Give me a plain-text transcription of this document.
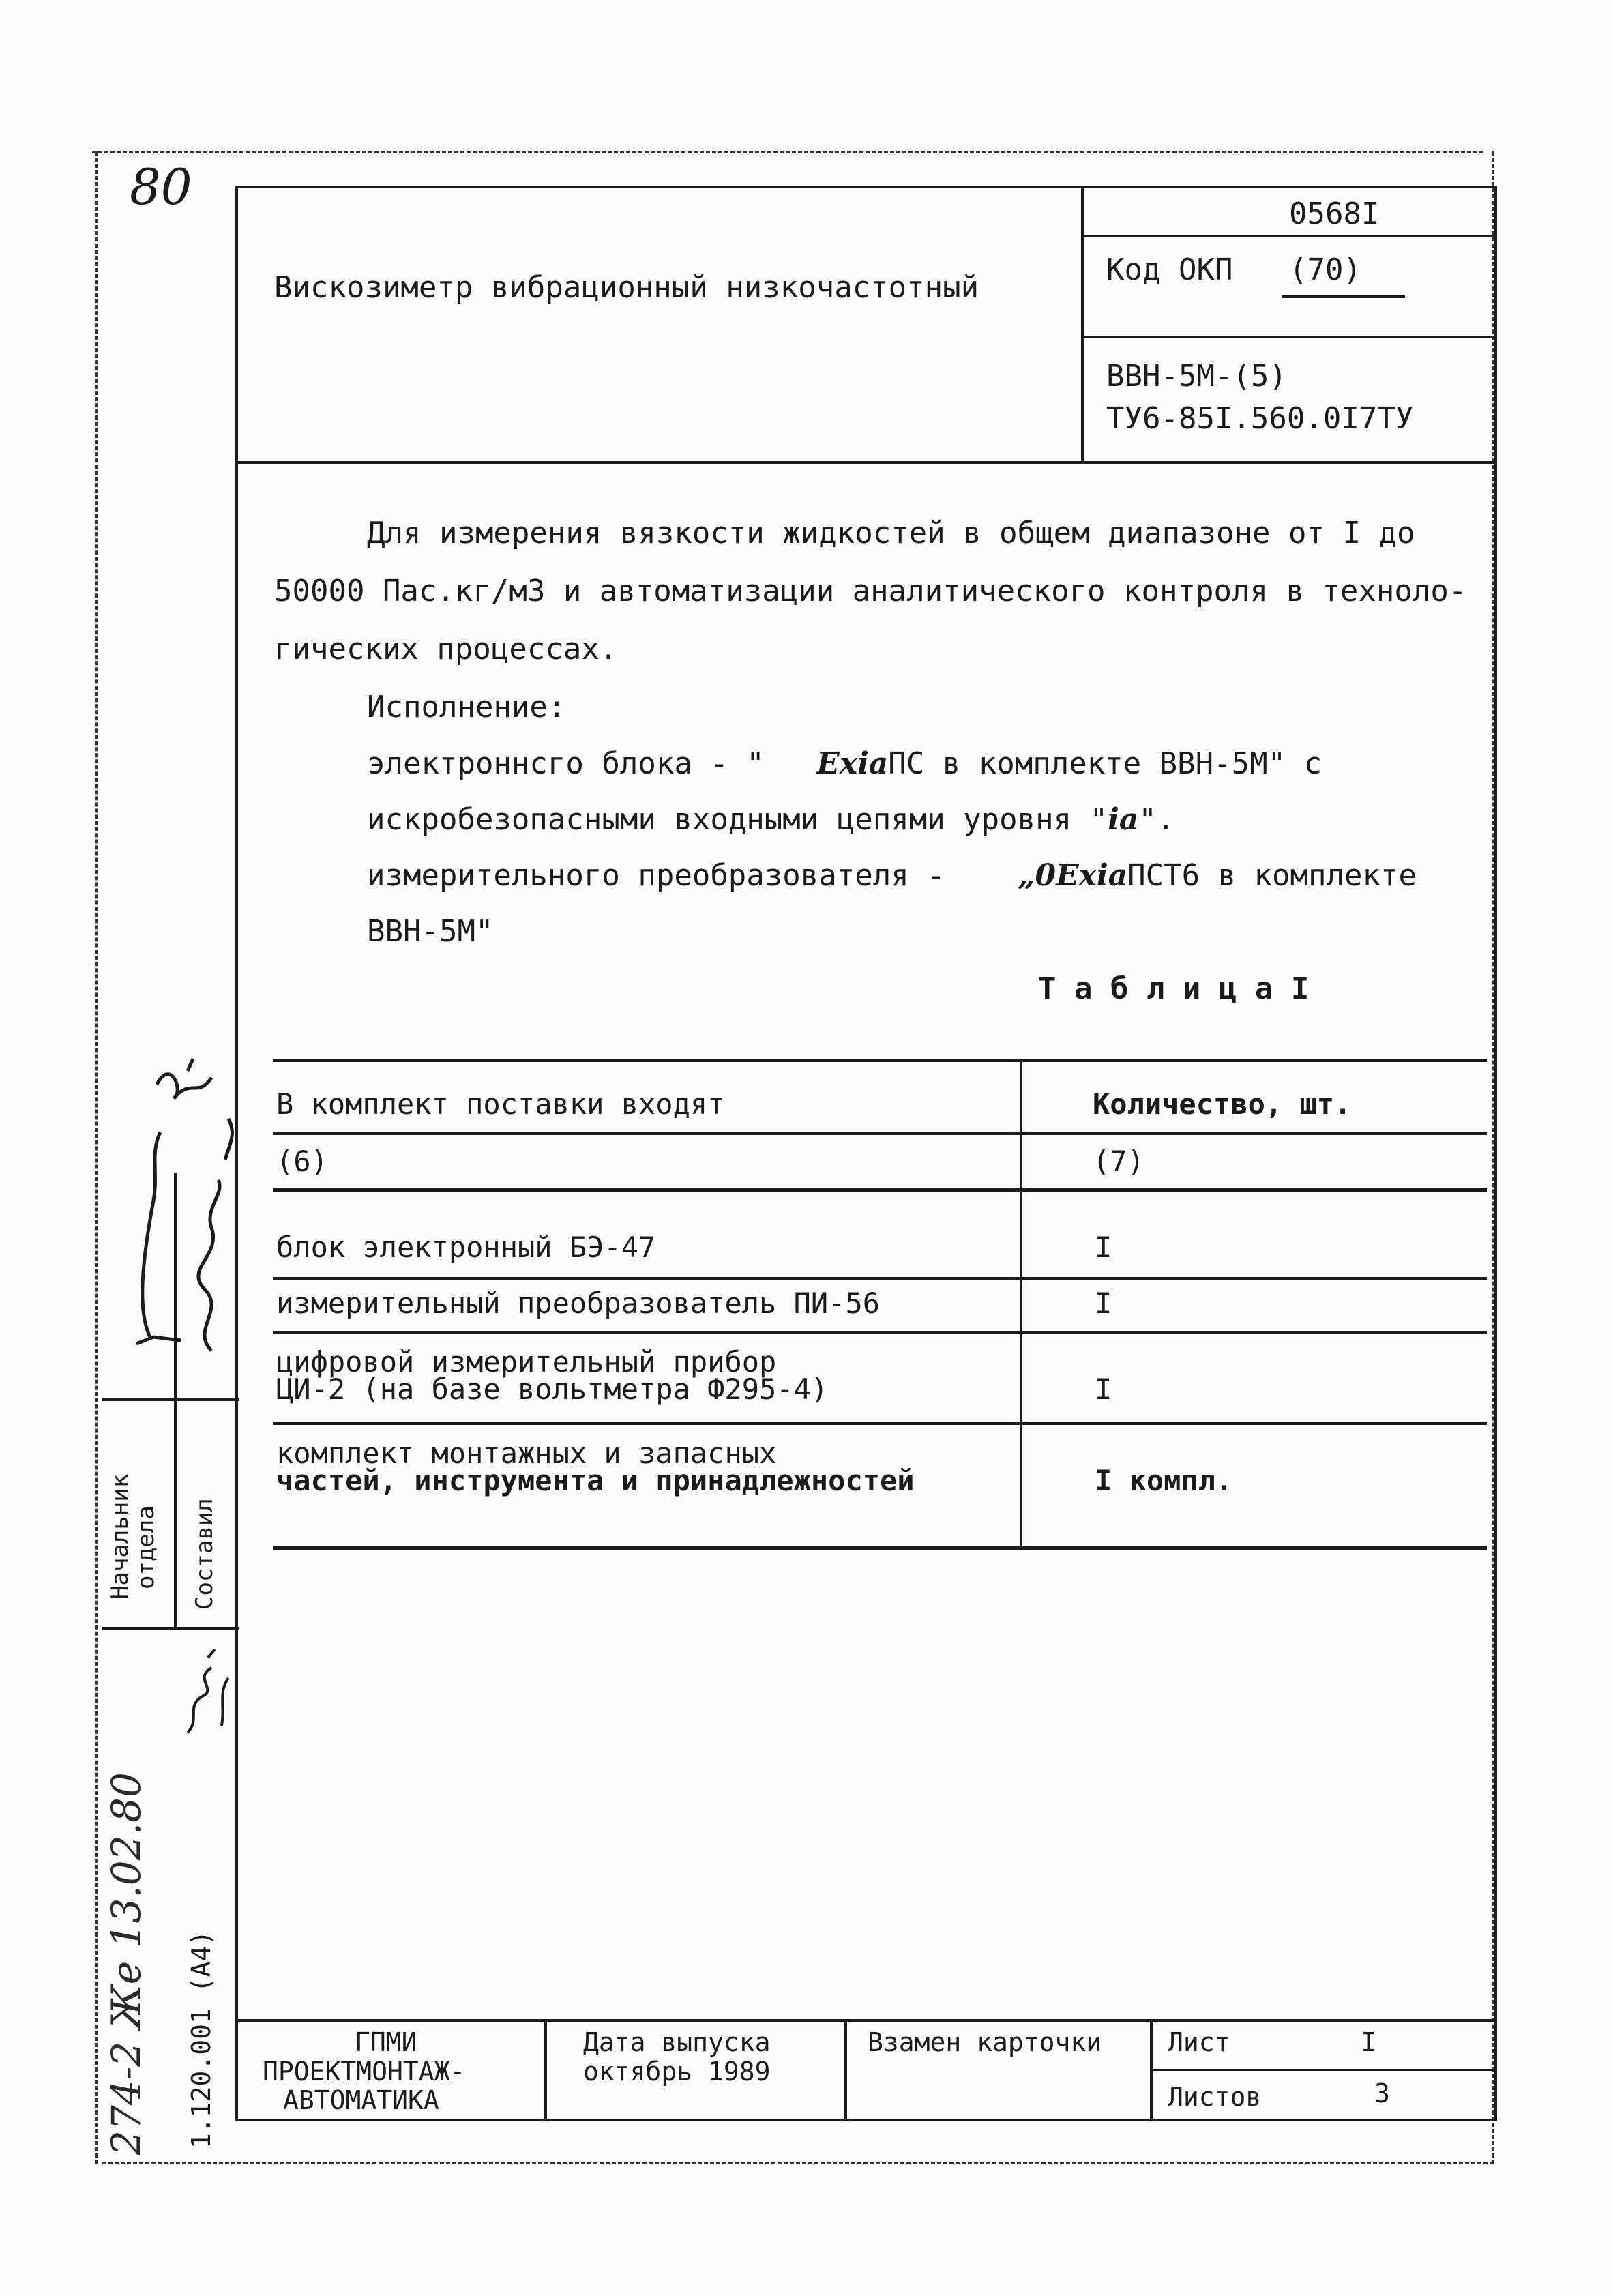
80
Вискозиметр вибрационный низкочастотный
0568I
Код ОКП (70)
ВВН-5М-(5)
ТУ6-85I.560.0I7ТУ
Для измерения вязкости жидкостей в общем диапазоне от I до
50000 Пас.кг/м3 и автоматизации аналитического контроля в техноло-
гических процессах.
Исполнение:
электроннсго блока - " ExiaПС в комплекте ВВН-5М" с
искробезопасными входными цепями уровня "ia".
измерительного преобразователя - „0ExiaПСТ6 в комплекте
ВВН-5М"
Т а б л и ц а I
В комплект поставки входят	Количество, шт.
(6)	(7)
блок электронный БЭ-47	I
измерительный преобразователь ПИ-56	I
цифровой измерительный прибор
ЦИ-2 (на базе вольтметра Ф295-4)	I
комплект монтажных и запасных
частей, инструмента и принадлежностей	I компл.
ГПМИ
ПРОЕКТМОНТАЖ-
АВТОМАТИКА
Дата выпуска
октябрь 1989
Взамен карточки	Лист	I
Листов	3
Начальник
отдела Составил
274-2 Же 13.02.80 1.120.001 (А4)
